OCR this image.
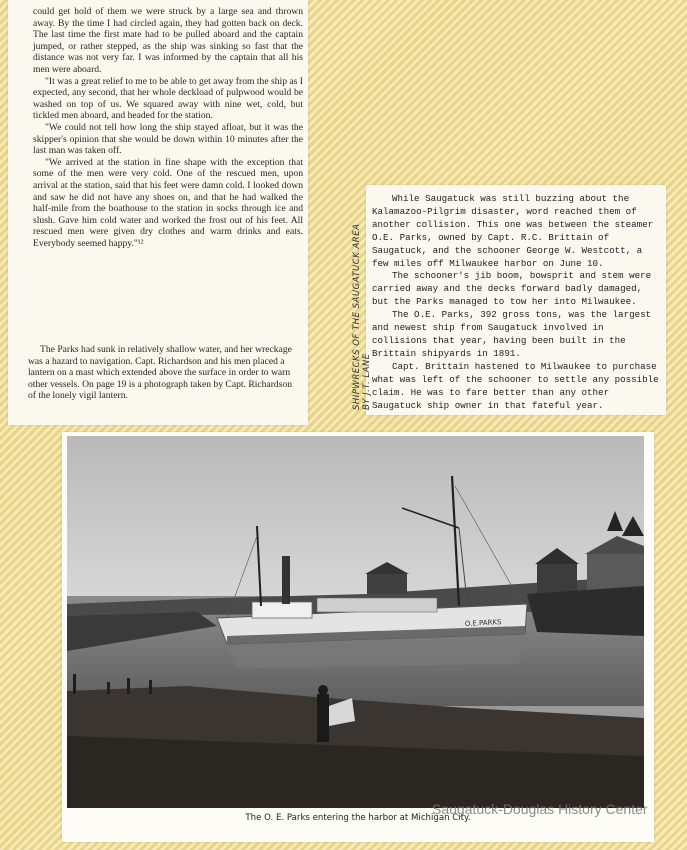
could get hold of them we were struck by a large sea and thrown away. By the time I had circled again, they had gotten back on deck. The last time the first mate had to be pulled aboard and the captain jumped, or rather stepped, as the ship was sinking so fast that the distance was not very far. I was informed by the captain that all his men were aboard.

"It was a great relief to me to be able to get away from the ship as I expected, any second, that her whole deckload of pulpwood would be washed on top of us. We squared away with nine wet, cold, but tickled men aboard, and headed for the station.

"We could not tell how long the ship stayed afloat, but it was the skipper's opinion that she would be down within 10 minutes after the last man was taken off.

"We arrived at the station in fine shape with the exception that some of the men were very cold. One of the rescued men, upon arrival at the station, said that his feet were damn cold. I looked down and saw he did not have any shoes on, and that he had walked the half-mile from the boathouse to the station in socks through ice and slush. Gave him cold water and worked the frost out of his feet. All rescued men were given dry clothes and warm drinks and eats. Everybody seemed happy."¹²

The Parks had sunk in relatively shallow water, and her wreckage was a hazard to navigation. Capt. Richardson and his men placed a lantern on a mast which extended above the surface in order to warn other vessels. On page 19 is a photograph taken by Capt. Richardson of the lonely vigil lantern.

While Saugatuck was still buzzing about the Kalamazoo-Pilgrim disaster, word reached them of another collision. This one was between the steamer O.E. Parks, owned by Capt. R.C. Brittain of Saugatuck, and the schooner George W. Westcott, a few miles off Milwaukee harbor on June 10.

The schooner's jib boom, bowsprit and stem were carried away and the decks forward badly damaged, but the Parks managed to tow her into Milwaukee.

The O.E. Parks, 392 gross tons, was the largest and newest ship from Saugatuck involved in collisions that year, having been built in the Brittain shipyards in 1891.

Capt. Brittain hastened to Milwaukee to purchase what was left of the schooner to settle any possible claim. He was to fare better than any other Saugatuck ship owner in that fateful year.

SHIPWRECKS OF THE SAUGATUCK AREA BY J.T. LANE
O.E.PARKS
The O. E. Parks entering the harbor at Michigan City.
Saugatuck-Douglas History Center
